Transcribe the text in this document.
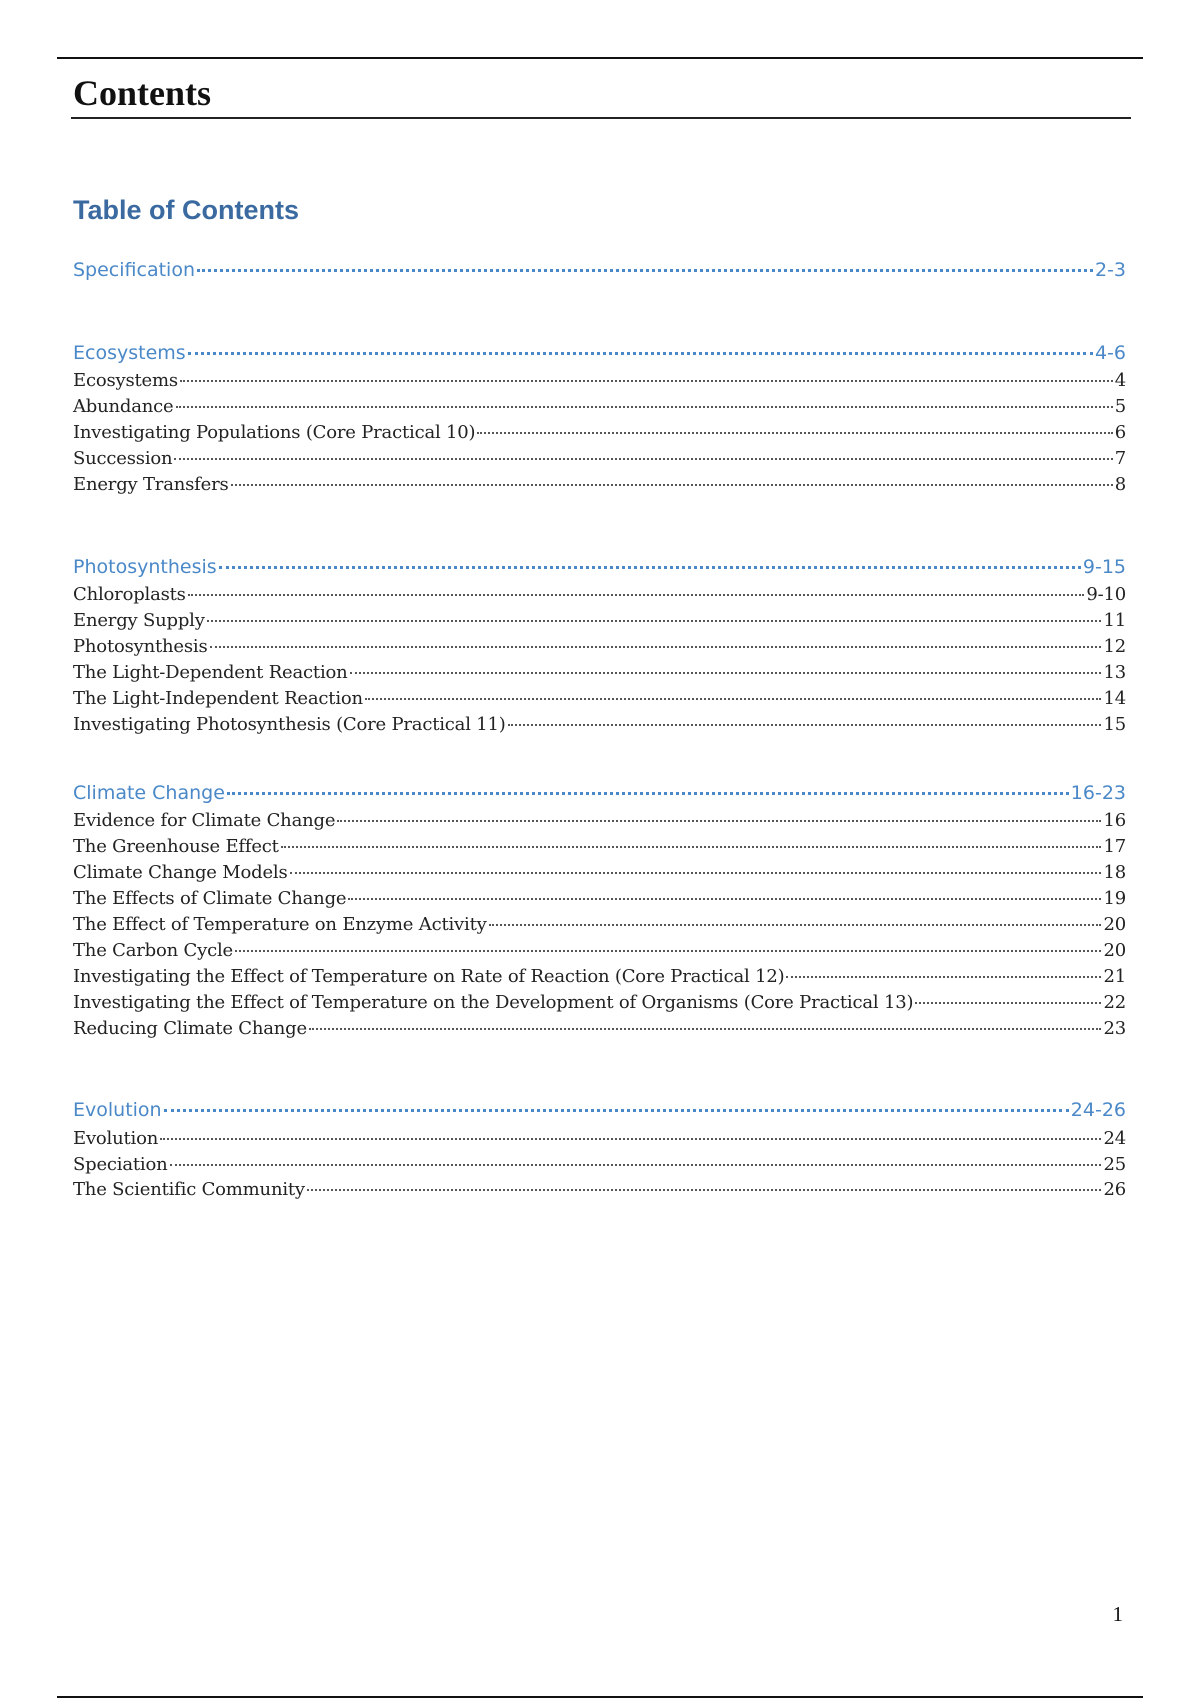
Contents
Table of Contents
Specification	2-3
Ecosystems	4-6
Ecosystems	4
Abundance	5
Investigating Populations (Core Practical 10)	6
Succession	7
Energy Transfers	8
Photosynthesis	9-15
Chloroplasts	9-10
Energy Supply	11
Photosynthesis	12
The Light-Dependent Reaction	13
The Light-Independent Reaction	14
Investigating Photosynthesis (Core Practical 11)	15
Climate Change	16-23
Evidence for Climate Change	16
The Greenhouse Effect	17
Climate Change Models	18
The Effects of Climate Change	19
The Effect of Temperature on Enzyme Activity	20
The Carbon Cycle	20
Investigating the Effect of Temperature on Rate of Reaction (Core Practical 12)	21
Investigating the Effect of Temperature on the Development of Organisms (Core Practical 13)	22
Reducing Climate Change	23
Evolution	24-26
Evolution	24
Speciation	25
The Scientific Community	26
1
